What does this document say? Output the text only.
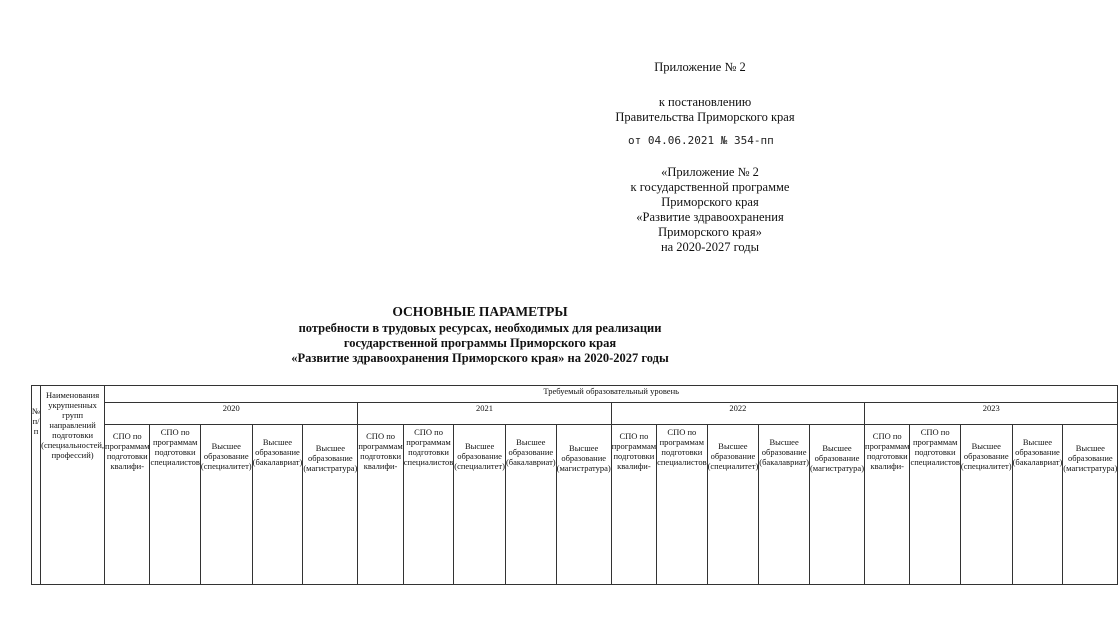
Приложение № 2
к постановлению
Правительства Приморского края
от 04.06.2021 № 354-пп
«Приложение № 2
к государственной программе
Приморского края
«Развитие здравоохранения
Приморского края»
на 2020-2027 годы
ОСНОВНЫЕ ПАРАМЕТРЫ
потребности в трудовых ресурсах, необходимых для реализации
государственной программы Приморского края
«Развитие здравоохранения Приморского края» на 2020-2027 годы
№ п/п	Наименования укрупненных групп направлений подготовки (специальностей, профессий)	Требуемый образовательный уровень																			
		2020					2021					2022					2023				
		СПО по программам подготовки квалифи-	СПО по программам подготовки специалистов	Высшее образование (специалитет)	Высшее образование (бакалавриат)	Высшее образование (магистратура)	СПО по программам подготовки квалифи-	СПО по программам подготовки специалистов	Высшее образование (специалитет)	Высшее образование (бакалавриат)	Высшее образование (магистратура)	СПО по программам подготовки квалифи-	СПО по программам подготовки специалистов	Высшее образование (специалитет)	Высшее образование (бакалавриат)	Высшее образование (магистратура)	СПО по программам подготовки квалифи-	СПО по программам подготовки специалистов	Высшее образование (специалитет)	Высшее образование (бакалавриат)	Высшее образование (магистратура)
